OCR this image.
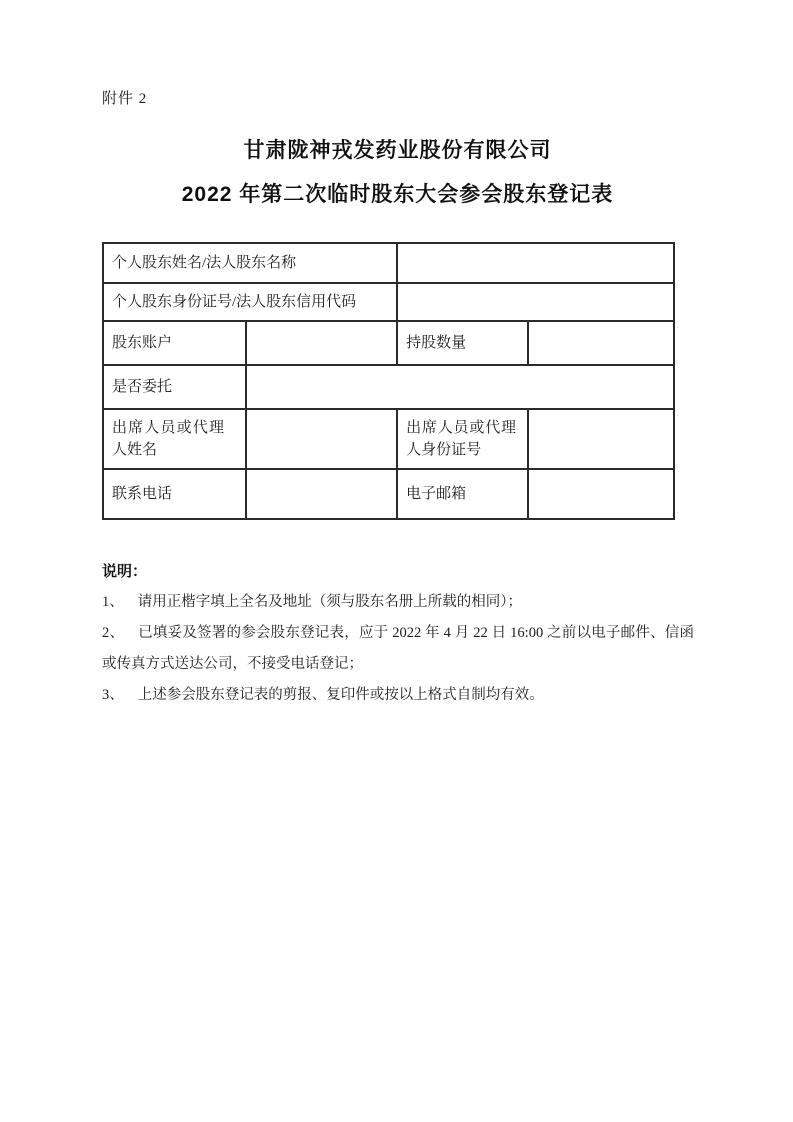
附件 2
甘肃陇神戎发药业股份有限公司
2022 年第二次临时股东大会参会股东登记表
个人股东姓名/法人股东名称			
个人股东身份证号/法人股东信用代码			
股东账户		持股数量	
是否委托			

出席人员或代理人姓名		出席人员或代理人身份证号	

联系电话		电子邮箱	
说明：

1、 请用正楷字填上全名及地址（须与股东名册上所载的相同）；

2、 已填妥及签署的参会股东登记表，应于 2022 年 4 月 22 日 16:00 之前以电子邮件、信函或传真方式送达公司，不接受电话登记；

3、 上述参会股东登记表的剪报、复印件或按以上格式自制均有效。
